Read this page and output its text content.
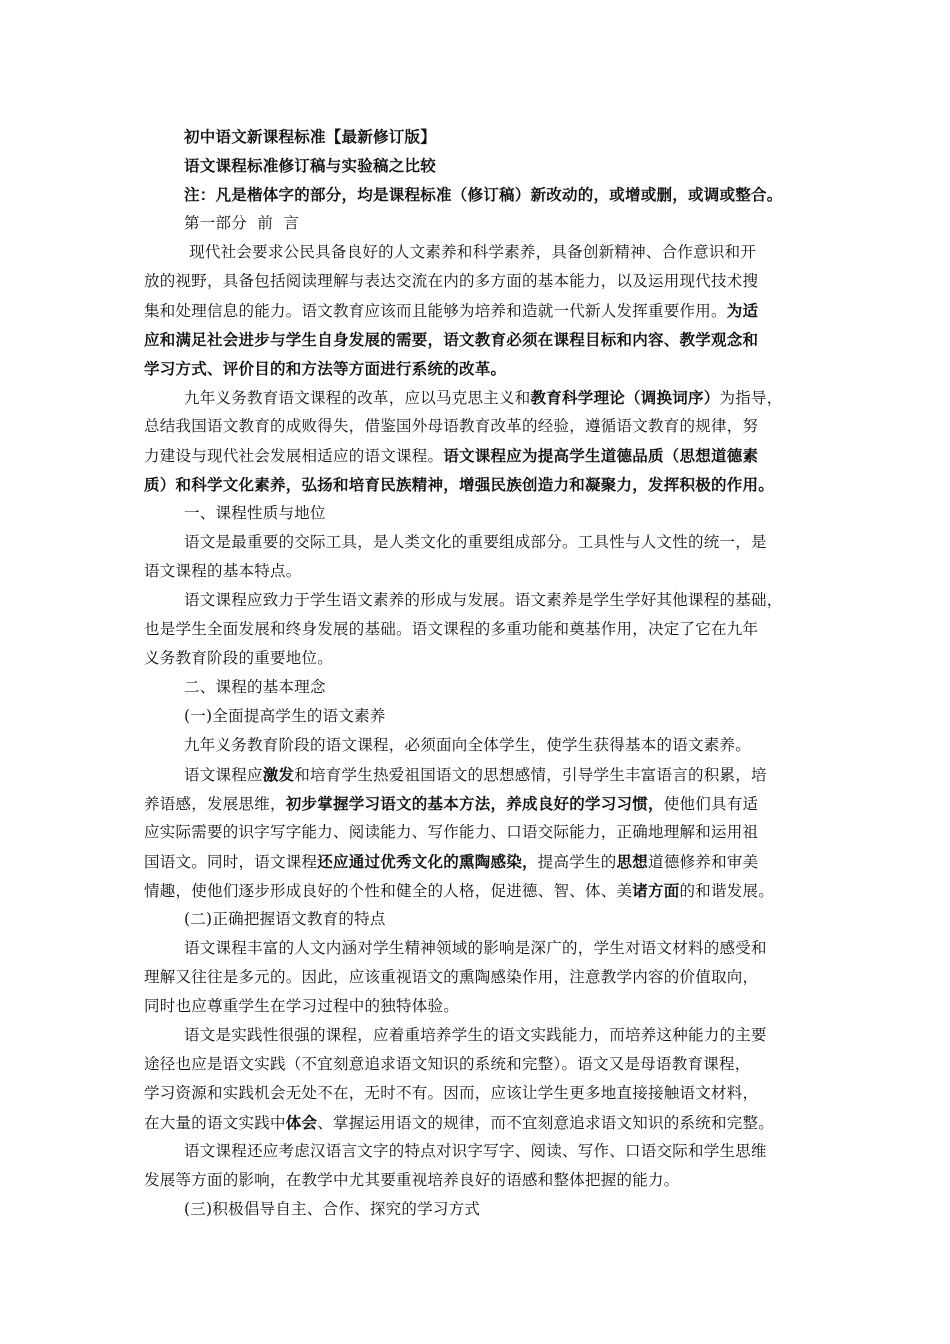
初中语文新课程标准【最新修订版】
语文课程标准修订稿与实验稿之比较
注：凡是楷体字的部分，均是课程标准（修订稿）新改动的，或增或删，或调或整合。
第一部分  前  言
现代社会要求公民具备良好的人文素养和科学素养，具备创新精神、合作意识和开
放的视野，具备包括阅读理解与表达交流在内的多方面的基本能力，以及运用现代技术搜
集和处理信息的能力。语文教育应该而且能够为培养和造就一代新人发挥重要作用。为适
应和满足社会进步与学生自身发展的需要，语文教育必须在课程目标和内容、教学观念和
学习方式、评价目的和方法等方面进行系统的改革。
九年义务教育语文课程的改革，应以马克思主义和教育科学理论（调换词序）为指导，
总结我国语文教育的成败得失，借鉴国外母语教育改革的经验，遵循语文教育的规律，努
力建设与现代社会发展相适应的语文课程。语文课程应为提高学生道德品质（思想道德素
质）和科学文化素养，弘扬和培育民族精神，增强民族创造力和凝聚力，发挥积极的作用。
一、课程性质与地位
语文是最重要的交际工具，是人类文化的重要组成部分。工具性与人文性的统一，是
语文课程的基本特点。
语文课程应致力于学生语文素养的形成与发展。语文素养是学生学好其他课程的基础，
也是学生全面发展和终身发展的基础。语文课程的多重功能和奠基作用，决定了它在九年
义务教育阶段的重要地位。
二、课程的基本理念
(一)全面提高学生的语文素养
九年义务教育阶段的语文课程，必须面向全体学生，使学生获得基本的语文素养。
语文课程应激发和培育学生热爱祖国语文的思想感情，引导学生丰富语言的积累，培
养语感，发展思维，初步掌握学习语文的基本方法，养成良好的学习习惯，使他们具有适
应实际需要的识字写字能力、阅读能力、写作能力、口语交际能力，正确地理解和运用祖
国语文。同时，语文课程还应通过优秀文化的熏陶感染，提高学生的思想道德修养和审美
情趣，使他们逐步形成良好的个性和健全的人格，促进德、智、体、美诸方面的和谐发展。
(二)正确把握语文教育的特点
语文课程丰富的人文内涵对学生精神领域的影响是深广的，学生对语文材料的感受和
理解又往往是多元的。因此，应该重视语文的熏陶感染作用，注意教学内容的价值取向，
同时也应尊重学生在学习过程中的独特体验。
语文是实践性很强的课程，应着重培养学生的语文实践能力，而培养这种能力的主要
途径也应是语文实践（不宜刻意追求语文知识的系统和完整）。语文又是母语教育课程，
学习资源和实践机会无处不在，无时不有。因而，应该让学生更多地直接接触语文材料，
在大量的语文实践中体会、掌握运用语文的规律，而不宜刻意追求语文知识的系统和完整。
语文课程还应考虑汉语言文字的特点对识字写字、阅读、写作、口语交际和学生思维
发展等方面的影响，在教学中尤其要重视培养良好的语感和整体把握的能力。
(三)积极倡导自主、合作、探究的学习方式
